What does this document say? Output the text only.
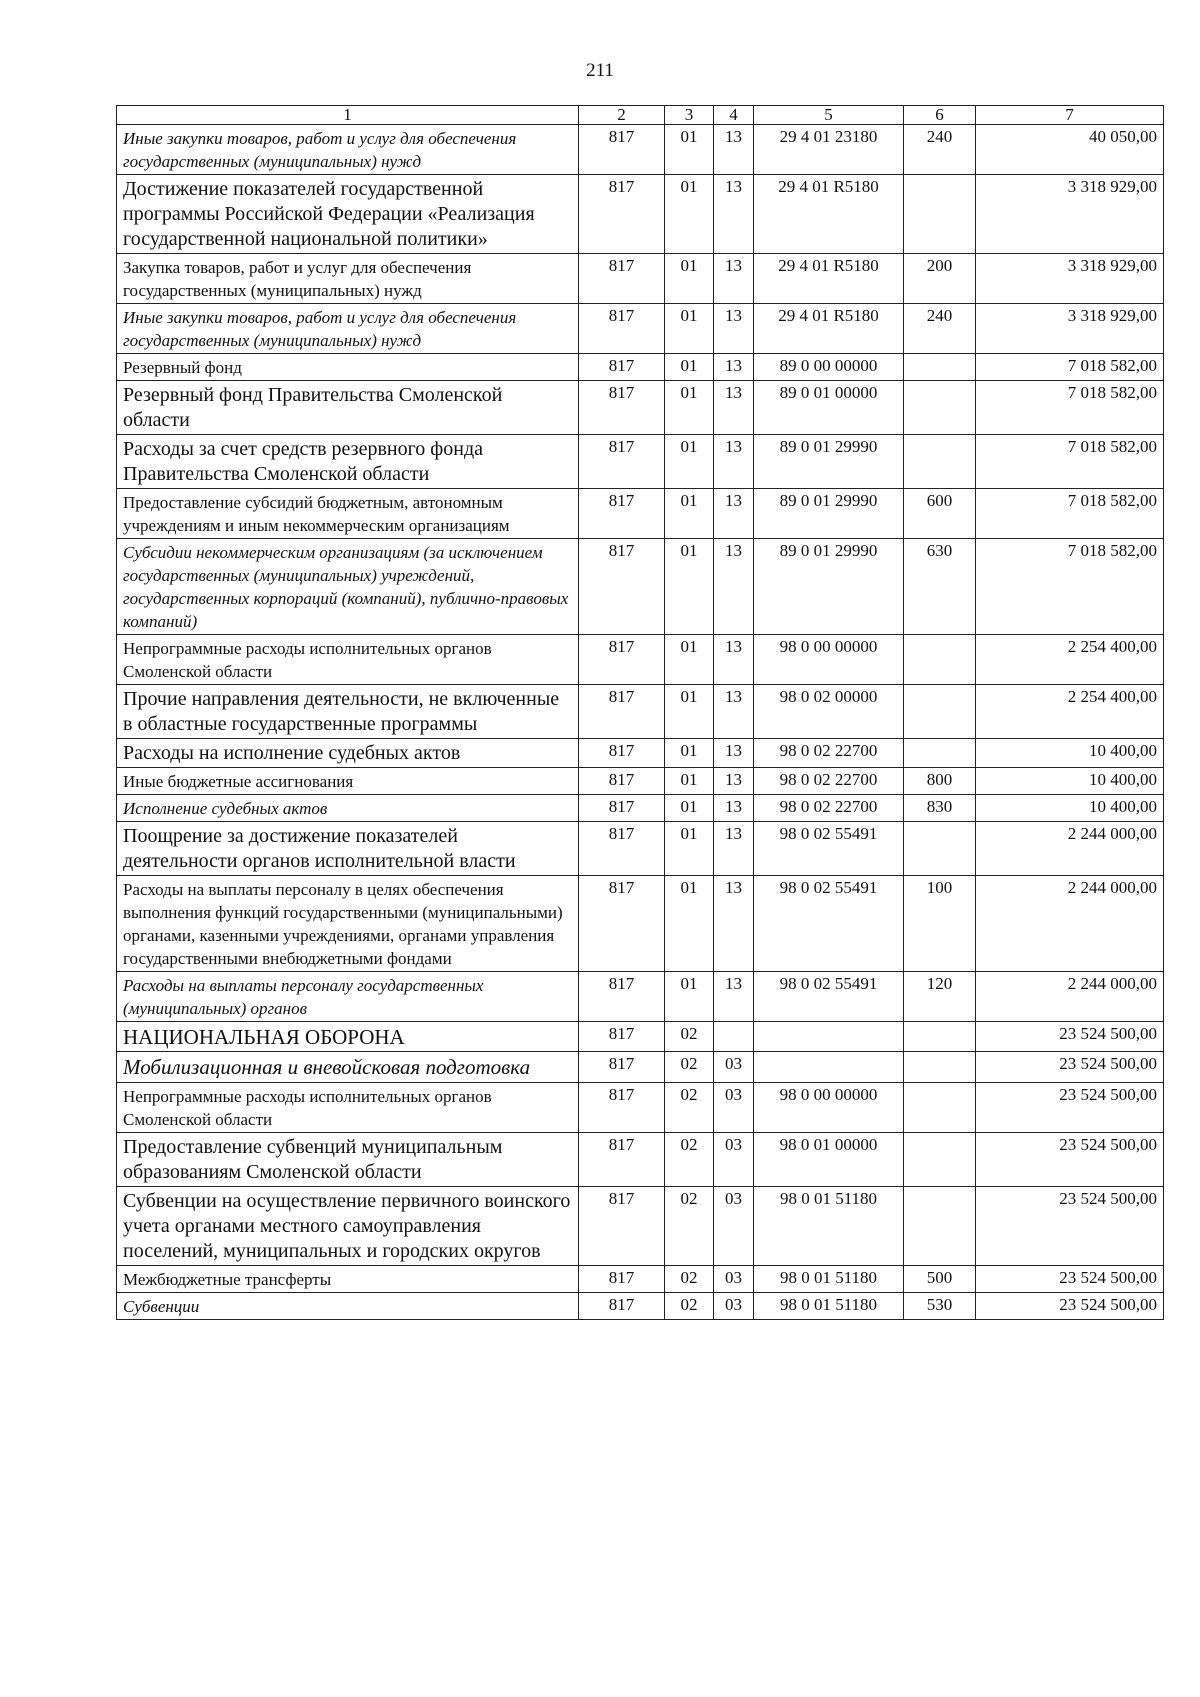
211
1	2	3	4	5	6	7
Иные закупки товаров, работ и услуг для обеспечения государственных (муниципальных) нужд	817	01	13	29 4 01 23180	240	40 050,00
Достижение показателей государственной программы Российской Федерации «Реализация государственной национальной политики»	817	01	13	29 4 01 R5180		3 318 929,00
Закупка товаров, работ и услуг для обеспечения государственных (муниципальных) нужд	817	01	13	29 4 01 R5180	200	3 318 929,00
Иные закупки товаров, работ и услуг для обеспечения государственных (муниципальных) нужд	817	01	13	29 4 01 R5180	240	3 318 929,00
Резервный фонд	817	01	13	89 0 00 00000		7 018 582,00
Резервный фонд Правительства Смоленской области	817	01	13	89 0 01 00000		7 018 582,00
Расходы за счет средств резервного фонда Правительства Смоленской области	817	01	13	89 0 01 29990		7 018 582,00
Предоставление субсидий бюджетным, автономным учреждениям и иным некоммерческим организациям	817	01	13	89 0 01 29990	600	7 018 582,00
Субсидии некоммерческим организациям (за исключением государственных (муниципальных) учреждений, государственных корпораций (компаний), публично-правовых компаний)	817	01	13	89 0 01 29990	630	7 018 582,00
Непрограммные расходы исполнительных органов Смоленской области	817	01	13	98 0 00 00000		2 254 400,00
Прочие направления деятельности, не включенные в областные государственные программы	817	01	13	98 0 02 00000		2 254 400,00
Расходы на исполнение судебных актов	817	01	13	98 0 02 22700		10 400,00
Иные бюджетные ассигнования	817	01	13	98 0 02 22700	800	10 400,00
Исполнение судебных актов	817	01	13	98 0 02 22700	830	10 400,00
Поощрение за достижение показателей деятельности органов исполнительной власти	817	01	13	98 0 02 55491		2 244 000,00
Расходы на выплаты персоналу в целях обеспечения выполнения функций государственными (муниципальными) органами, казенными учреждениями, органами управления государственными внебюджетными фондами	817	01	13	98 0 02 55491	100	2 244 000,00
Расходы на выплаты персоналу государственных (муниципальных) органов	817	01	13	98 0 02 55491	120	2 244 000,00
НАЦИОНАЛЬНАЯ ОБОРОНА	817	02				23 524 500,00
Мобилизационная и вневойсковая подготовка	817	02	03			23 524 500,00
Непрограммные расходы исполнительных органов Смоленской области	817	02	03	98 0 00 00000		23 524 500,00
Предоставление субвенций муниципальным образованиям Смоленской области	817	02	03	98 0 01 00000		23 524 500,00
Субвенции на осуществление первичного воинского учета органами местного самоуправления поселений, муниципальных и городских округов	817	02	03	98 0 01 51180		23 524 500,00
Межбюджетные трансферты	817	02	03	98 0 01 51180	500	23 524 500,00
Субвенции	817	02	03	98 0 01 51180	530	23 524 500,00
